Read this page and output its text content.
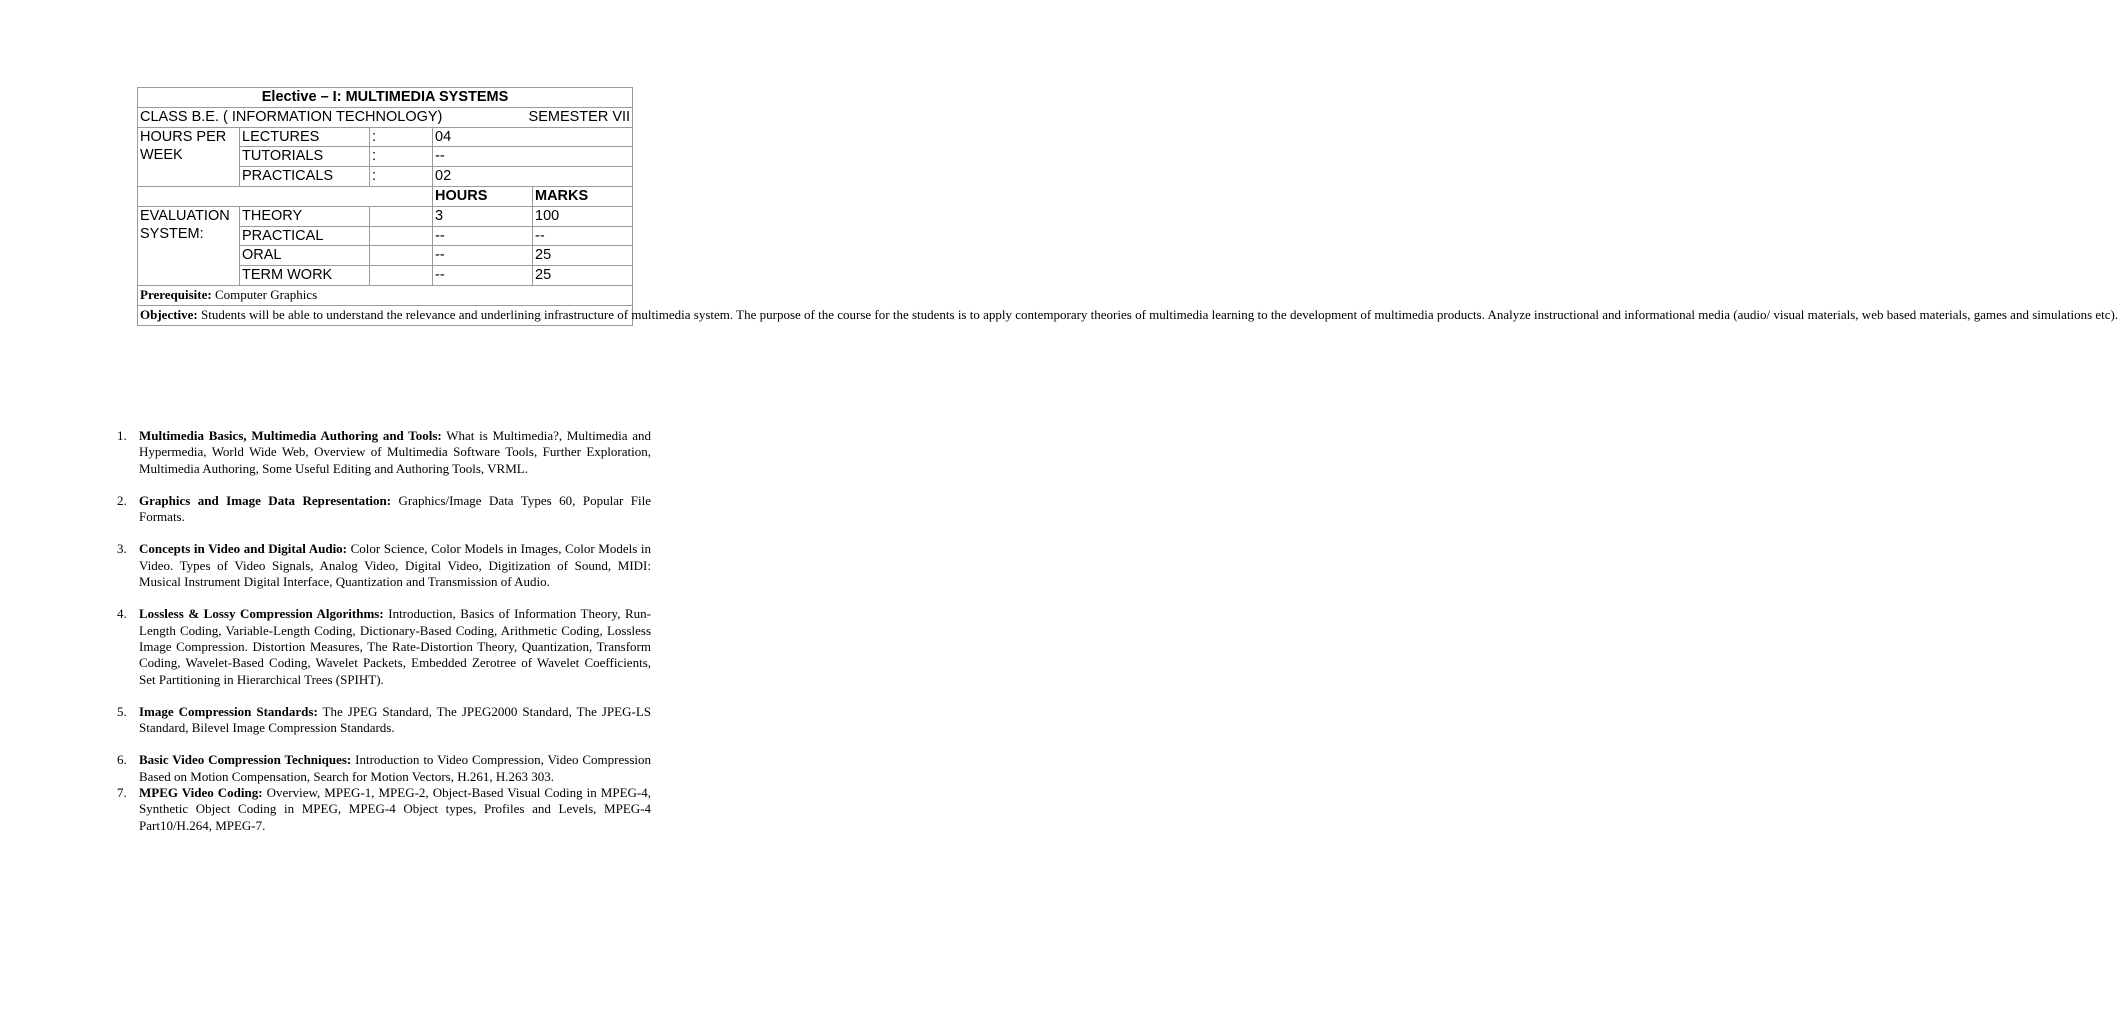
Elective – I: MULTIMEDIA SYSTEMS				

CLASS B.E. ( INFORMATION TECHNOLOGY) SEMESTER VII				

HOURS PER WEEK	LECTURES	:	04	
	TUTORIALS	:	--	
	PRACTICALS	:	02	
			HOURS	MARKS
EVALUATION SYSTEM:	THEORY		3	100
	PRACTICAL		--	--
	ORAL		--	25
	TERM WORK		--	25
Prerequisite: Computer Graphics				
Objective: Students will be able to understand the relevance and underlining infrastructure of multimedia system. The purpose of the course for the students is to apply contemporary theories of multimedia learning to the development of multimedia products. Analyze instructional and informational media (audio/ visual materials, web based materials, games and simulations etc).				
1. Multimedia Basics, Multimedia Authoring and Tools: What is Multimedia?, Multimedia and Hypermedia, World Wide Web, Overview of Multimedia Software Tools, Further Exploration, Multimedia Authoring, Some Useful Editing and Authoring Tools, VRML.
2. Graphics and Image Data Representation: Graphics/Image Data Types 60, Popular File Formats.
3. Concepts in Video and Digital Audio: Color Science, Color Models in Images, Color Models in Video. Types of Video Signals, Analog Video, Digital Video, Digitization of Sound, MIDI: Musical Instrument Digital Interface, Quantization and Transmission of Audio.
4. Lossless & Lossy Compression Algorithms: Introduction, Basics of Information Theory, Run-Length Coding, Variable-Length Coding, Dictionary-Based Coding, Arithmetic Coding, Lossless Image Compression. Distortion Measures, The Rate-Distortion Theory, Quantization, Transform Coding, Wavelet-Based Coding, Wavelet Packets, Embedded Zerotree of Wavelet Coefficients, Set Partitioning in Hierarchical Trees (SPIHT).
5. Image Compression Standards: The JPEG Standard, The JPEG2000 Standard, The JPEG-LS Standard, Bilevel Image Compression Standards.
6. Basic Video Compression Techniques: Introduction to Video Compression, Video Compression Based on Motion Compensation, Search for Motion Vectors, H.261, H.263 303.
7. MPEG Video Coding: Overview, MPEG-1, MPEG-2, Object-Based Visual Coding in MPEG-4, Synthetic Object Coding in MPEG, MPEG-4 Object types, Profiles and Levels, MPEG-4 Part10/H.264, MPEG-7.
